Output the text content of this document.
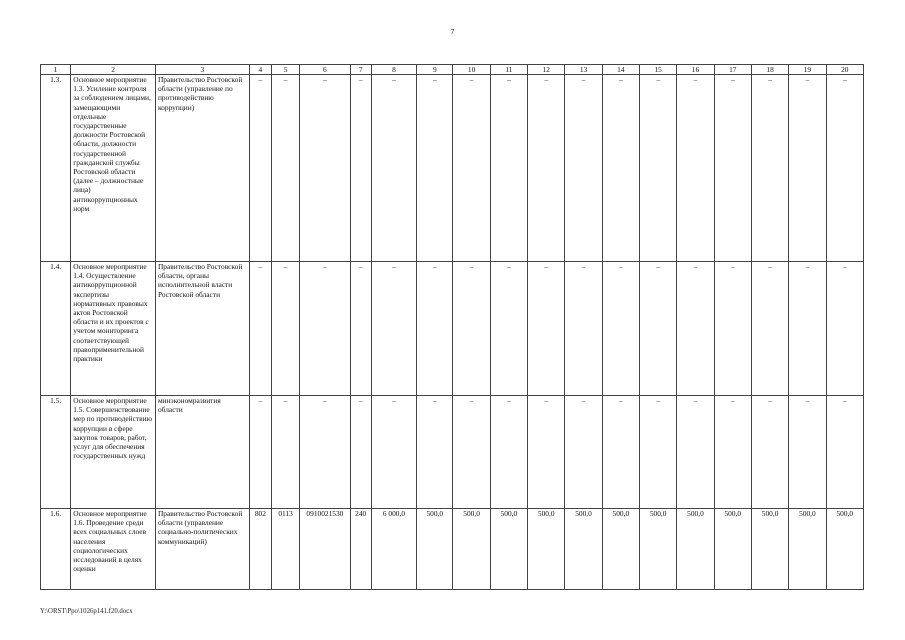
7
1	2	3	4	5	6	7	8	9	10	11	12	13	14	15	16	17	18	19	20
1.3.	Основное мероприятие 1.3. Усиление контроля за соблюдением лицами, замещающими отдельные государственные должности Ростовской области, должности государственной гражданской службы Ростовской области (далее – должностные лица) антикоррупционных норм	Правительство Ростовской области (управление по противодействию коррупции)	–	–	–	–	–	–	–	–	–	–	–	–	–	–	–	–	–
1.4.	Основное мероприятие 1.4. Осуществление антикоррупционной экспертизы нормативных правовых актов Ростовской области и их проектов с учетом мониторинга соответствующей правоприменительной практики	Правительство Ростовской области, органы исполнительной власти Ростовской области	–	–	–	–	–	–	–	–	–	–	–	–	–	–	–	–	–
1.5.	Основное мероприятие 1.5. Совершенствование мер по противодействию коррупции в сфере закупок товаров, работ, услуг для обеспечения государственных нужд	минэкономразвития области	–	–	–	–	–	–	–	–	–	–	–	–	–	–	–	–	–
1.6.	Основное мероприятие 1.6. Проведение среди всех социальных слоев населения социологических исследований в целях оценки	Правительство Ростовской области (управление социально-политических коммуникаций)	802	0113	0910021530	240	6 000,0	500,0	500,0	500,0	500,0	500,0	500,0	500,0	500,0	500,0	500,0	500,0	500,0
Y:\ORST\Ppo\1026p141.f20.docx
